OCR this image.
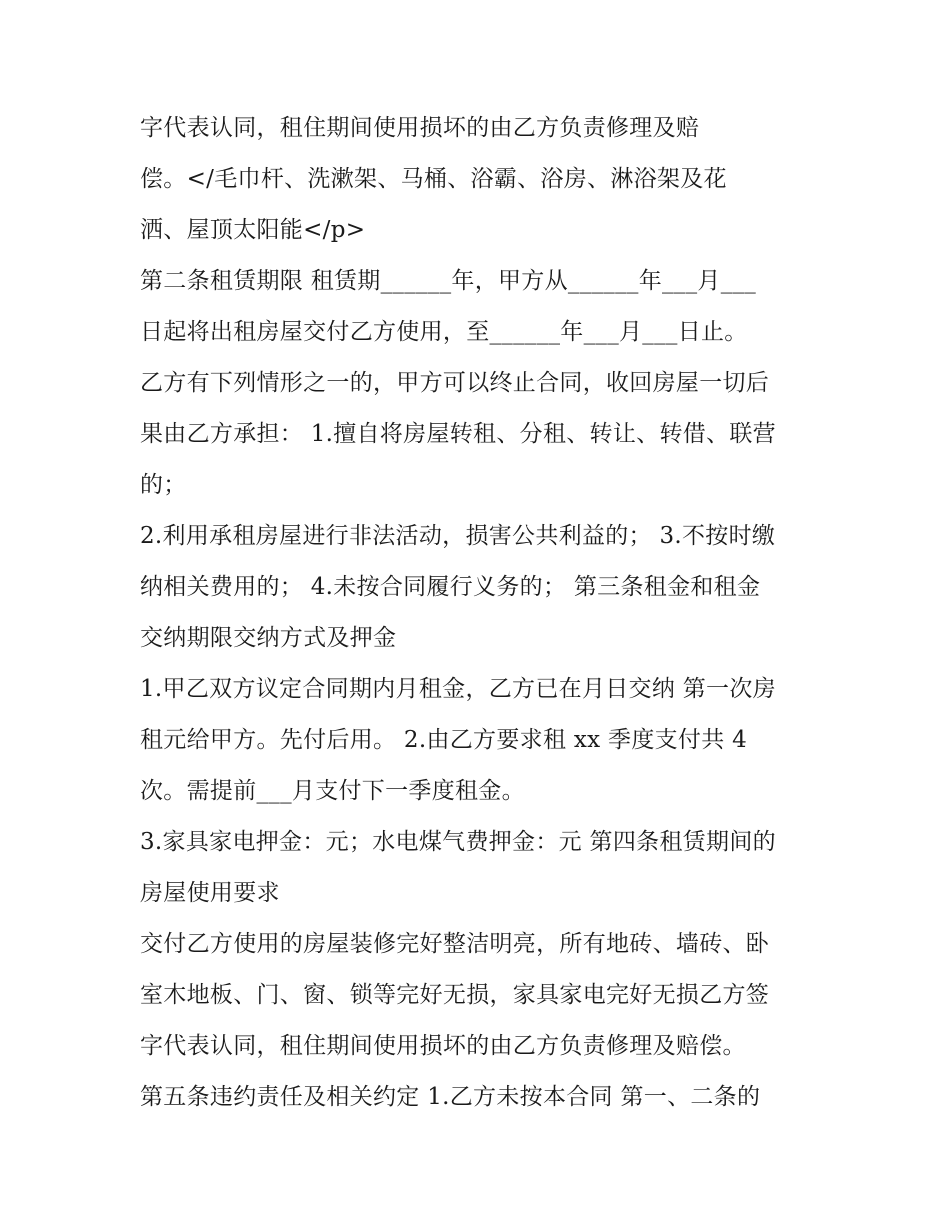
字代表认同，租住期间使用损坏的由乙方负责修理及赔
偿。</毛巾杆、洗漱架、马桶、浴霸、浴房、淋浴架及花
洒、屋顶太阳能</p>
第二条租赁期限 租赁期______年，甲方从______年___月___
日起将出租房屋交付乙方使用，至______年___月___日止。
乙方有下列情形之一的，甲方可以终止合同，收回房屋一切后
果由乙方承担： 1.擅自将房屋转租、分租、转让、转借、联营
的；
2.利用承租房屋进行非法活动，损害公共利益的； 3.不按时缴
纳相关费用的； 4.未按合同履行义务的； 第三条租金和租金
交纳期限交纳方式及押金
1.甲乙双方议定合同期内月租金，乙方已在月日交纳 第一次房
租元给甲方。先付后用。 2.由乙方要求租 xx 季度支付共 4
次。需提前___月支付下一季度租金。
3.家具家电押金：元；水电煤气费押金：元 第四条租赁期间的
房屋使用要求
交付乙方使用的房屋装修完好整洁明亮，所有地砖、墙砖、卧
室木地板、门、窗、锁等完好无损，家具家电完好无损乙方签
字代表认同，租住期间使用损坏的由乙方负责修理及赔偿。
第五条违约责任及相关约定 1.乙方未按本合同 第一、二条的
